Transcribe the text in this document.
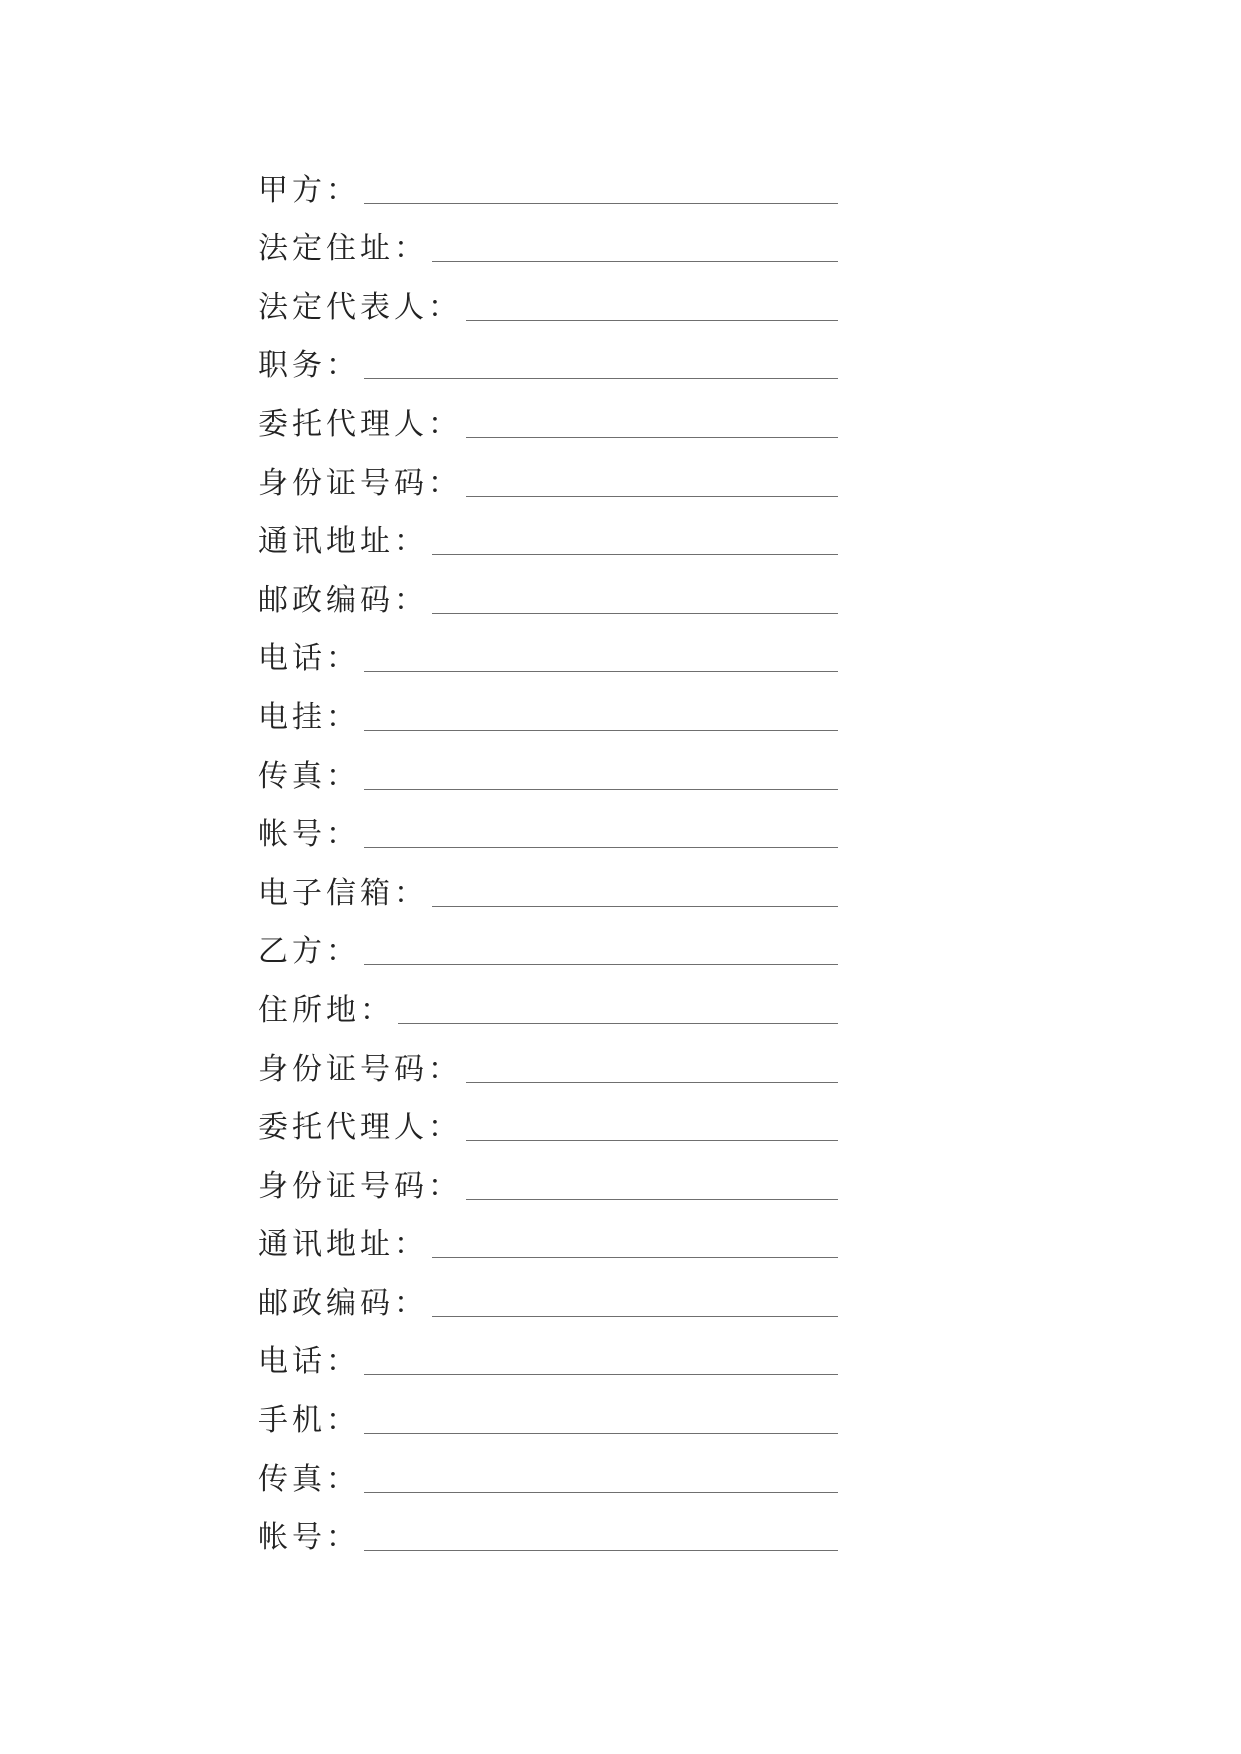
甲方：
法定住址：
法定代表人：
职务：
委托代理人：
身份证号码：
通讯地址：
邮政编码：
电话：
电挂：
传真：
帐号：
电子信箱：
乙方：
住所地：
身份证号码：
委托代理人：
身份证号码：
通讯地址：
邮政编码：
电话：
手机：
传真：
帐号：
